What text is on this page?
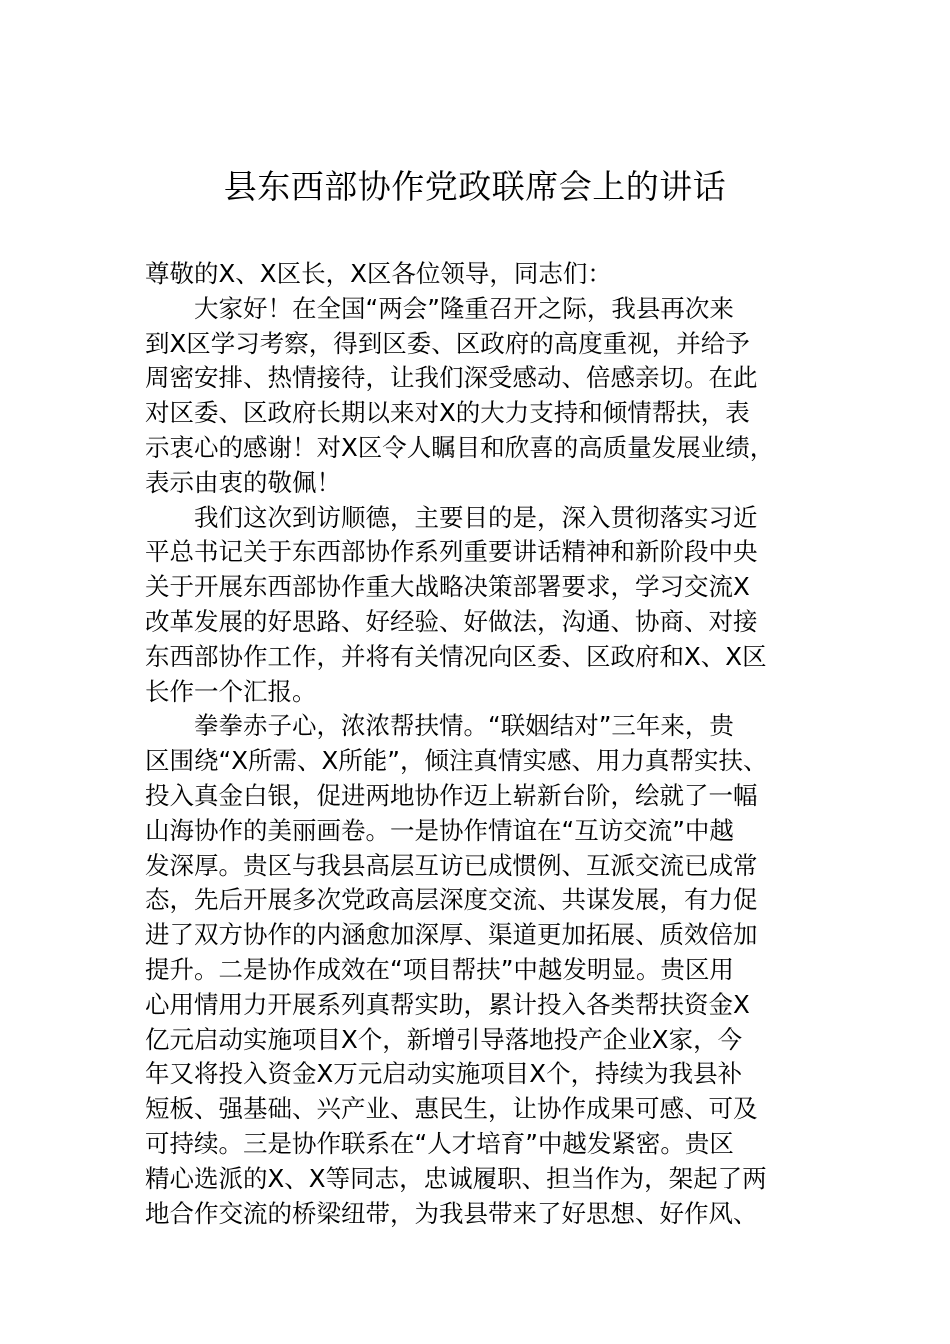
县东西部协作党政联席会上的讲话
尊敬的X、X区长，X区各位领导，同志们：
大家好！在全国“两会”隆重召开之际，我县再次来
到X区学习考察，得到区委、区政府的高度重视，并给予
周密安排、热情接待，让我们深受感动、倍感亲切。在此
对区委、区政府长期以来对X的大力支持和倾情帮扶，表
示衷心的感谢！对X区令人瞩目和欣喜的高质量发展业绩，
表示由衷的敬佩！
我们这次到访顺德，主要目的是，深入贯彻落实习近
平总书记关于东西部协作系列重要讲话精神和新阶段中央
关于开展东西部协作重大战略决策部署要求，学习交流X
改革发展的好思路、好经验、好做法，沟通、协商、对接
东西部协作工作，并将有关情况向区委、区政府和X、X区
长作一个汇报。
拳拳赤子心，浓浓帮扶情。“联姻结对”三年来，贵
区围绕“X所需、X所能”，倾注真情实感、用力真帮实扶、
投入真金白银，促进两地协作迈上崭新台阶，绘就了一幅
山海协作的美丽画卷。一是协作情谊在“互访交流”中越
发深厚。贵区与我县高层互访已成惯例、互派交流已成常
态，先后开展多次党政高层深度交流、共谋发展，有力促
进了双方协作的内涵愈加深厚、渠道更加拓展、质效倍加
提升。二是协作成效在“项目帮扶”中越发明显。贵区用
心用情用力开展系列真帮实助，累计投入各类帮扶资金X
亿元启动实施项目X个，新增引导落地投产企业X家，今
年又将投入资金X万元启动实施项目X个，持续为我县补
短板、强基础、兴产业、惠民生，让协作成果可感、可及
可持续。三是协作联系在“人才培育”中越发紧密。贵区
精心选派的X、X等同志，忠诚履职、担当作为，架起了两
地合作交流的桥梁纽带，为我县带来了好思想、好作风、
